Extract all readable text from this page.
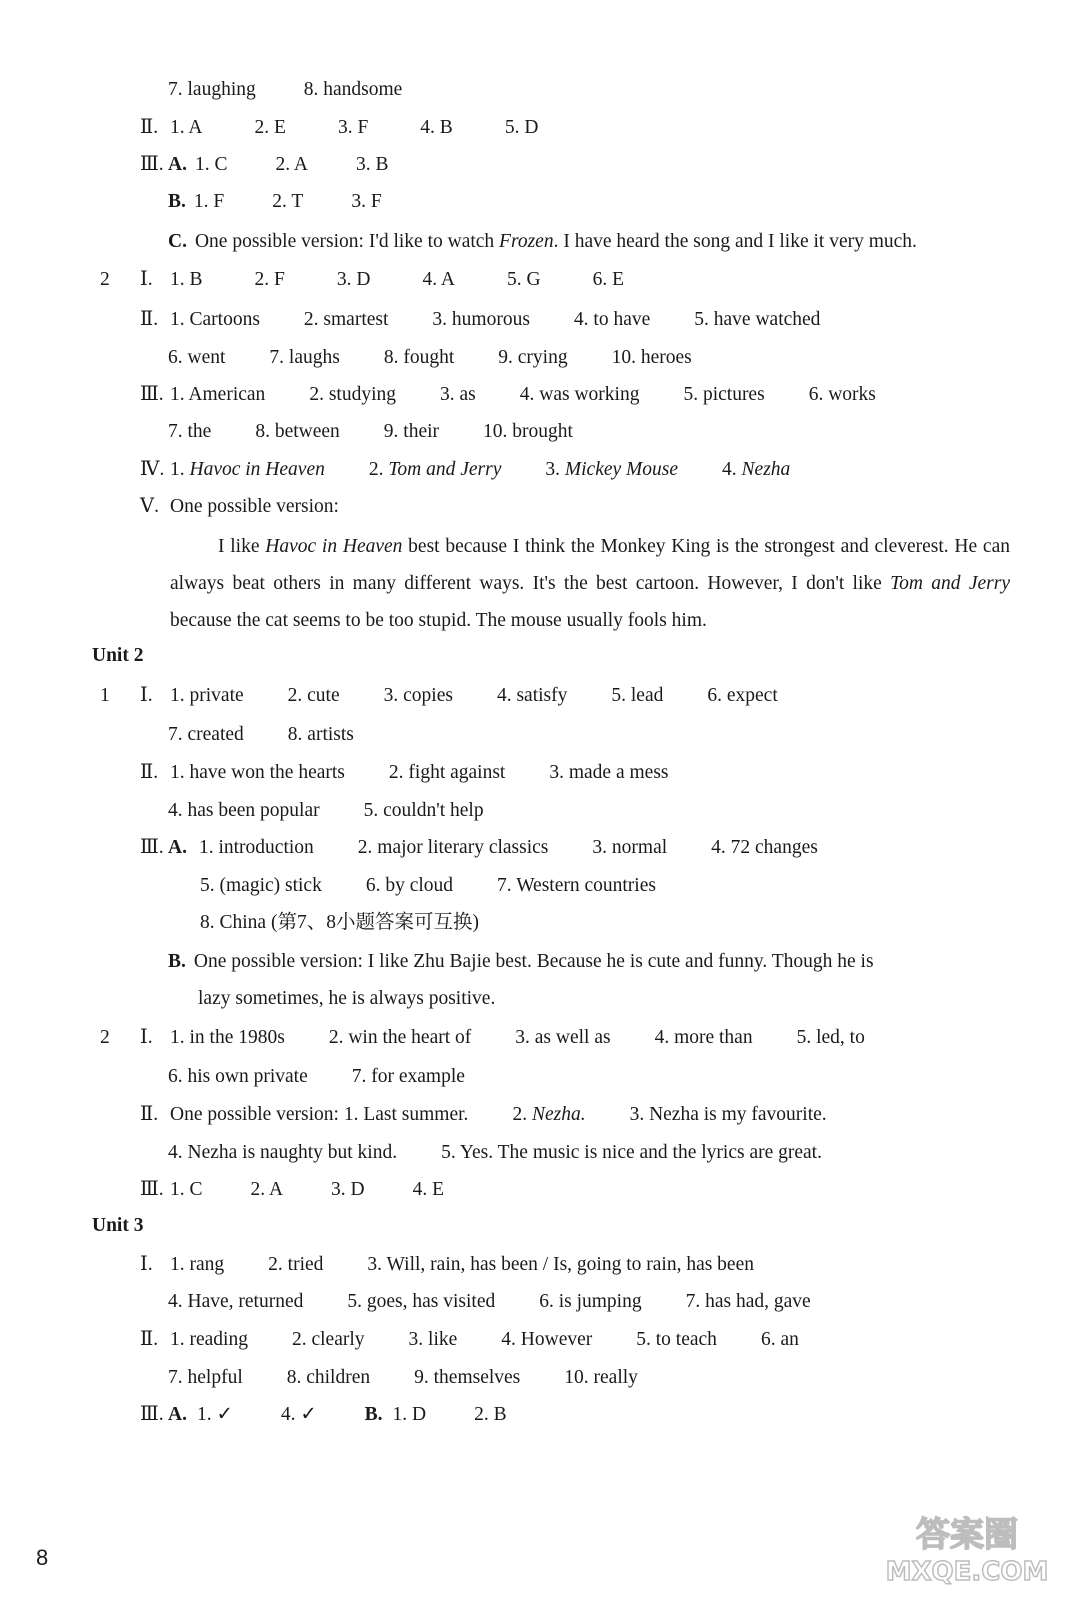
7. laughing 8. handsome
Ⅱ. 1. A	2. E	3. F	4. B	5. D
Ⅲ. A. 1. C 2. A 3. B
B. 1. F 2. T 3. F
C. One possible version: I'd like to watch Frozen. I have heard the song and I like it very much.
2 Ⅰ. 1. B	2. F	3. D	4. A	5. G	6. E
Ⅱ. 1. Cartoons 2. smartest 3. humorous 4. to have 5. have watched
6. went 7. laughs 8. fought 9. crying 10. heroes
Ⅲ. 1. American 2. studying 3. as 4. was working 5. pictures 6. works
7. the 8. between 9. their 10. brought
Ⅳ. 1. Havoc in Heaven 2. Tom and Jerry 3. Mickey Mouse 4. Nezha
Ⅴ. One possible version:
I like Havoc in Heaven best because I think the Monkey King is the strongest and cleverest. He can always beat others in many different ways. It's the best cartoon. However, I don't like Tom and Jerry because the cat seems to be too stupid. The mouse usually fools him.
Unit 2
1 Ⅰ. 1. private 2. cute 3. copies 4. satisfy 5. lead 6. expect
7. created 8. artists
Ⅱ. 1. have won the hearts 2. fight against 3. made a mess
4. has been popular 5. couldn't help
Ⅲ. A. 1. introduction 2. major literary classics 3. normal 4. 72 changes
5. (magic) stick 6. by cloud 7. Western countries
8. China (第7、8小题答案可互换)
B. One possible version: I like Zhu Bajie best. Because he is cute and funny. Though he is
lazy sometimes, he is always positive.
2 Ⅰ. 1. in the 1980s 2. win the heart of 3. as well as 4. more than 5. led, to
6. his own private 7. for example
Ⅱ. One possible version: 1. Last summer. 2. Nezha. 3. Nezha is my favourite.
4. Nezha is naughty but kind. 5. Yes. The music is nice and the lyrics are great.
Ⅲ. 1. C 2. A 3. D 4. E
Unit 3
Ⅰ. 1. rang 2. tried 3. Will, rain, has been / Is, going to rain, has been
4. Have, returned 5. goes, has visited 6. is jumping 7. has had, gave
Ⅱ. 1. reading 2. clearly 3. like 4. However 5. to teach 6. an
7. helpful 8. children 9. themselves 10. really
Ⅲ. A. 1. ✓ 4. ✓ B. 1. D 2. B
8
答案圈
MXQE.COM
